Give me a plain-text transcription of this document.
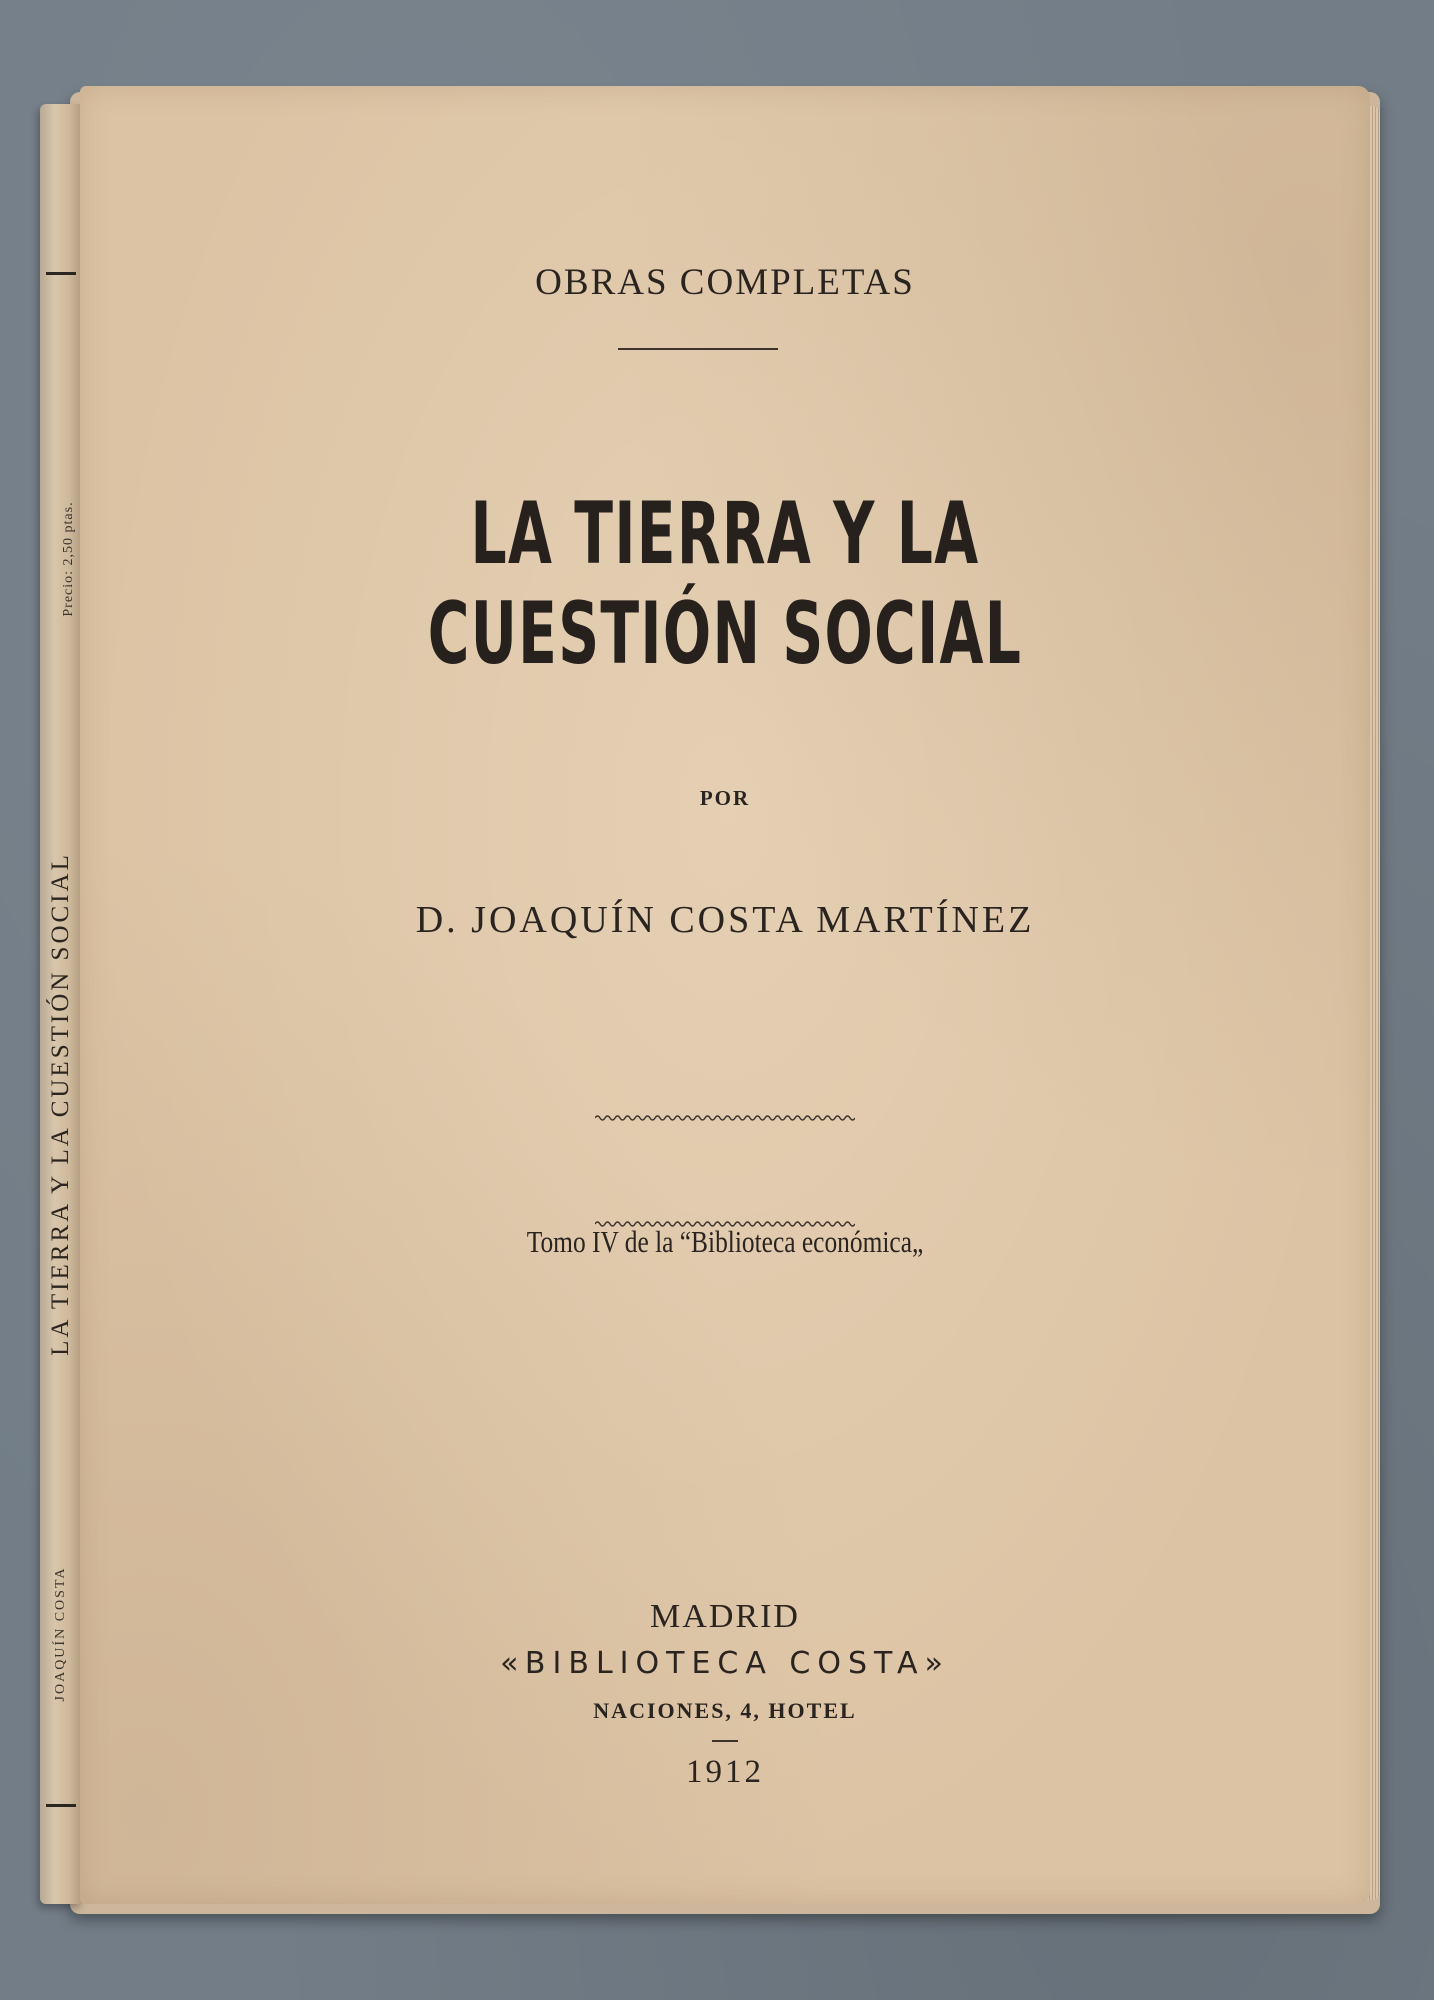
Precio: 2,50 ptas.
LA TIERRA Y LA CUESTIÓN SOCIAL
JOAQUÍN COSTA
OBRAS COMPLETAS
LA TIERRA Y LA CUESTIÓN SOCIAL
POR
D. JOAQUÍN COSTA MARTÍNEZ
Tomo IV de la “Biblioteca económica„
MADRID
«BIBLIOTECA COSTA»
NACIONES, 4, HOTEL
1912
